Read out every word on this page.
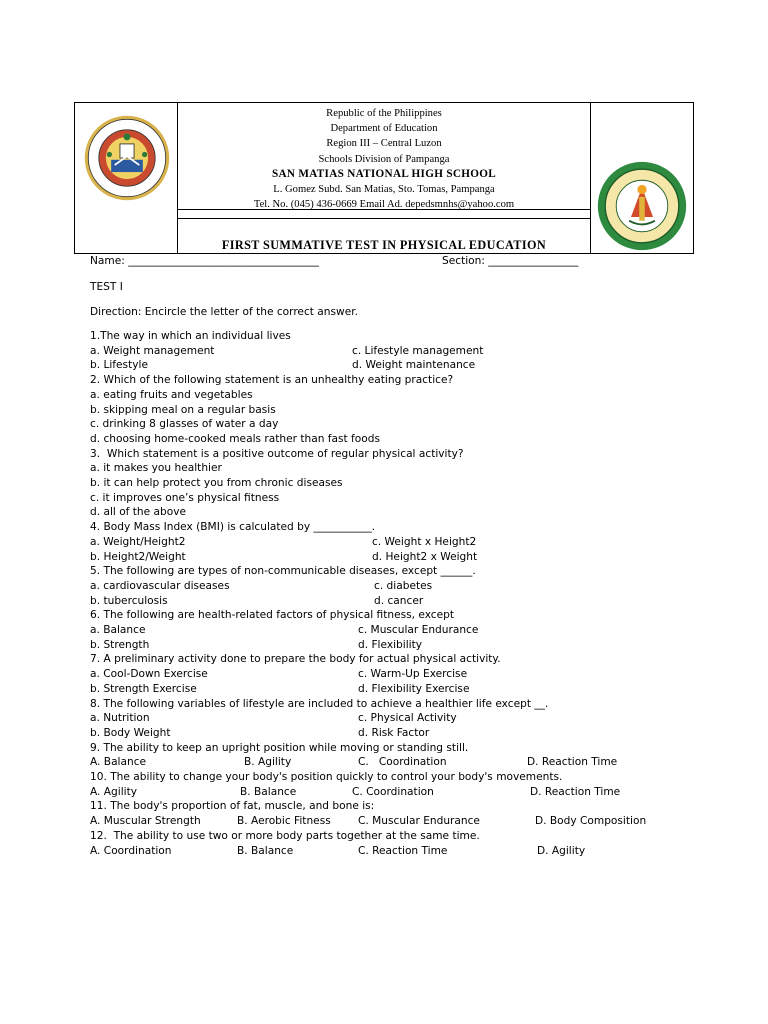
Republic of the Philippines
Department of Education
Region III – Central Luzon
Schools Division of Pampanga
SAN MATIAS NATIONAL HIGH SCHOOL
L. Gomez Subd. San Matias, Sto. Tomas, Pampanga
Tel. No. (045) 436-0669 Email Ad. depedsmnhs@yahoo.com
FIRST SUMMATIVE TEST IN PHYSICAL EDUCATION
Name: ____________________________________	Section: _________________
TEST I
Direction: Encircle the letter of the correct answer.
1.The way in which an individual lives
a. Weight management	c. Lifestyle management
b. Lifestyle	d. Weight maintenance
2. Which of the following statement is an unhealthy eating practice?
a. eating fruits and vegetables
b. skipping meal on a regular basis
c. drinking 8 glasses of water a day
d. choosing home-cooked meals rather than fast foods
3.  Which statement is a positive outcome of regular physical activity?
a. it makes you healthier
b. it can help protect you from chronic diseases
c. it improves one’s physical fitness
d. all of the above
4. Body Mass Index (BMI) is calculated by ___________.
a. Weight/Height2	c. Weight x Height2
b. Height2/Weight	d. Height2 x Weight
5. The following are types of non-communicable diseases, except ______.
a. cardiovascular diseases	c. diabetes
b. tuberculosis	d. cancer
6. The following are health-related factors of physical fitness, except
a. Balance	c. Muscular Endurance
b. Strength	d. Flexibility
7. A preliminary activity done to prepare the body for actual physical activity.
a. Cool-Down Exercise	c. Warm-Up Exercise
b. Strength Exercise	d. Flexibility Exercise
8. The following variables of lifestyle are included to achieve a healthier life except __.
a. Nutrition	c. Physical Activity
b. Body Weight	d. Risk Factor
9. The ability to keep an upright position while moving or standing still.
A. Balance	B. Agility	C.   Coordination	D. Reaction Time
10. The ability to change your body's position quickly to control your body's movements.
A. Agility	B. Balance	C. Coordination	D. Reaction Time
11. The body's proportion of fat, muscle, and bone is:
A. Muscular Strength	B. Aerobic Fitness	C. Muscular Endurance	D. Body Composition
12.  The ability to use two or more body parts together at the same time.
A. Coordination	B. Balance	C. Reaction Time	D. Agility
